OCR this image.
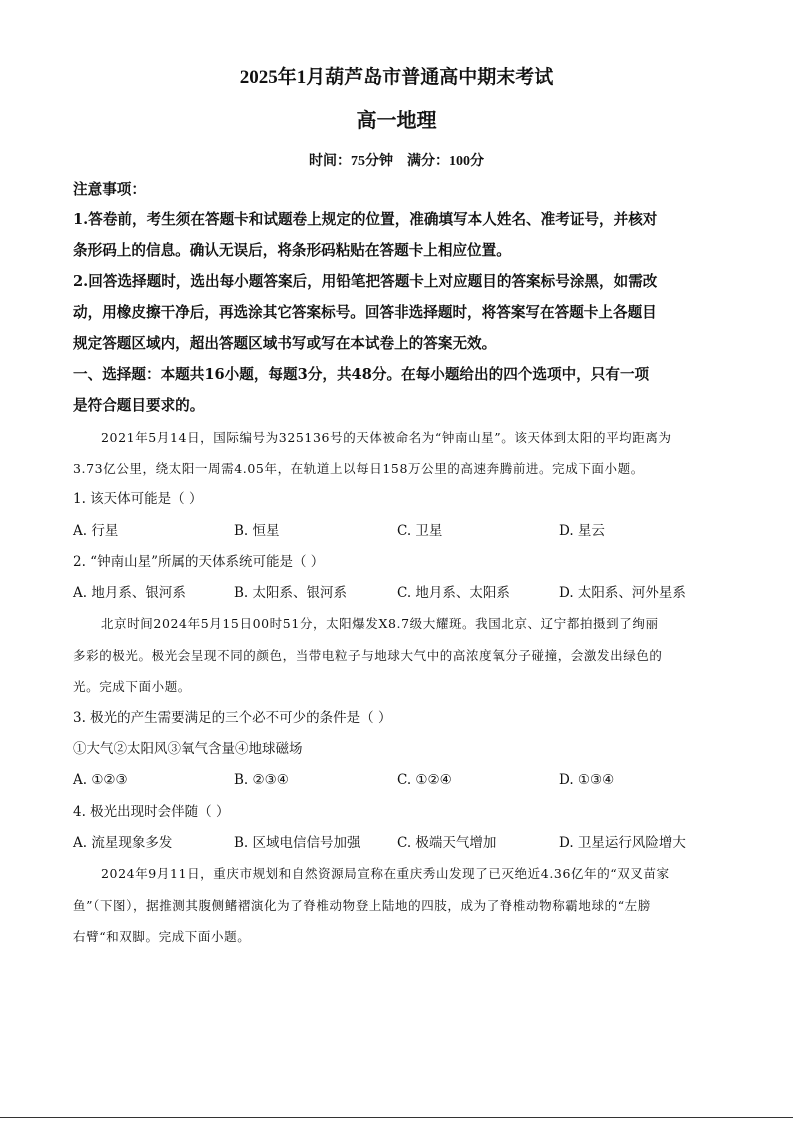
2025年1月葫芦岛市普通高中期末考试
高一地理
时间：75分钟    满分：100分
注意事项：
1.答卷前，考生须在答题卡和试题卷上规定的位置，准确填写本人姓名、准考证号，并核对
条形码上的信息。确认无误后，将条形码粘贴在答题卡上相应位置。
2.回答选择题时，选出每小题答案后，用铅笔把答题卡上对应题目的答案标号涂黑，如需改
动，用橡皮擦干净后，再选涂其它答案标号。回答非选择题时，将答案写在答题卡上各题目
规定答题区域内，超出答题区域书写或写在本试卷上的答案无效。
一、选择题：本题共16小题，每题3分，共48分。在每小题给出的四个选项中，只有一项
是符合题目要求的。
2021年5月14日，国际编号为325136号的天体被命名为“钟南山星”。该天体到太阳的平均距离为
3.73亿公里，绕太阳一周需4.05年，在轨道上以每日158万公里的高速奔腾前进。完成下面小题。
1. 该天体可能是（ ）
A. 行星	B. 恒星	C. 卫星	D. 星云
2. “钟南山星”所属的天体系统可能是（ ）
A. 地月系、银河系	B. 太阳系、银河系	C. 地月系、太阳系	D. 太阳系、河外星系
北京时间2024年5月15日00时51分，太阳爆发X8.7级大耀斑。我国北京、辽宁都拍摄到了绚丽
多彩的极光。极光会呈现不同的颜色，当带电粒子与地球大气中的高浓度氧分子碰撞，会激发出绿色的
光。完成下面小题。
3. 极光的产生需要满足的三个必不可少的条件是（ ）
①大气②太阳风③氧气含量④地球磁场
A. ①②③	B. ②③④	C. ①②④	D. ①③④
4. 极光出现时会伴随（ ）
A. 流星现象多发	B. 区域电信信号加强	C. 极端天气增加	D. 卫星运行风险增大
2024年9月11日，重庆市规划和自然资源局宣称在重庆秀山发现了已灭绝近4.36亿年的“双叉苗家
鱼”（下图），据推测其腹侧鳍褶演化为了脊椎动物登上陆地的四肢，成为了脊椎动物称霸地球的“左膀
右臂“和双脚。完成下面小题。
